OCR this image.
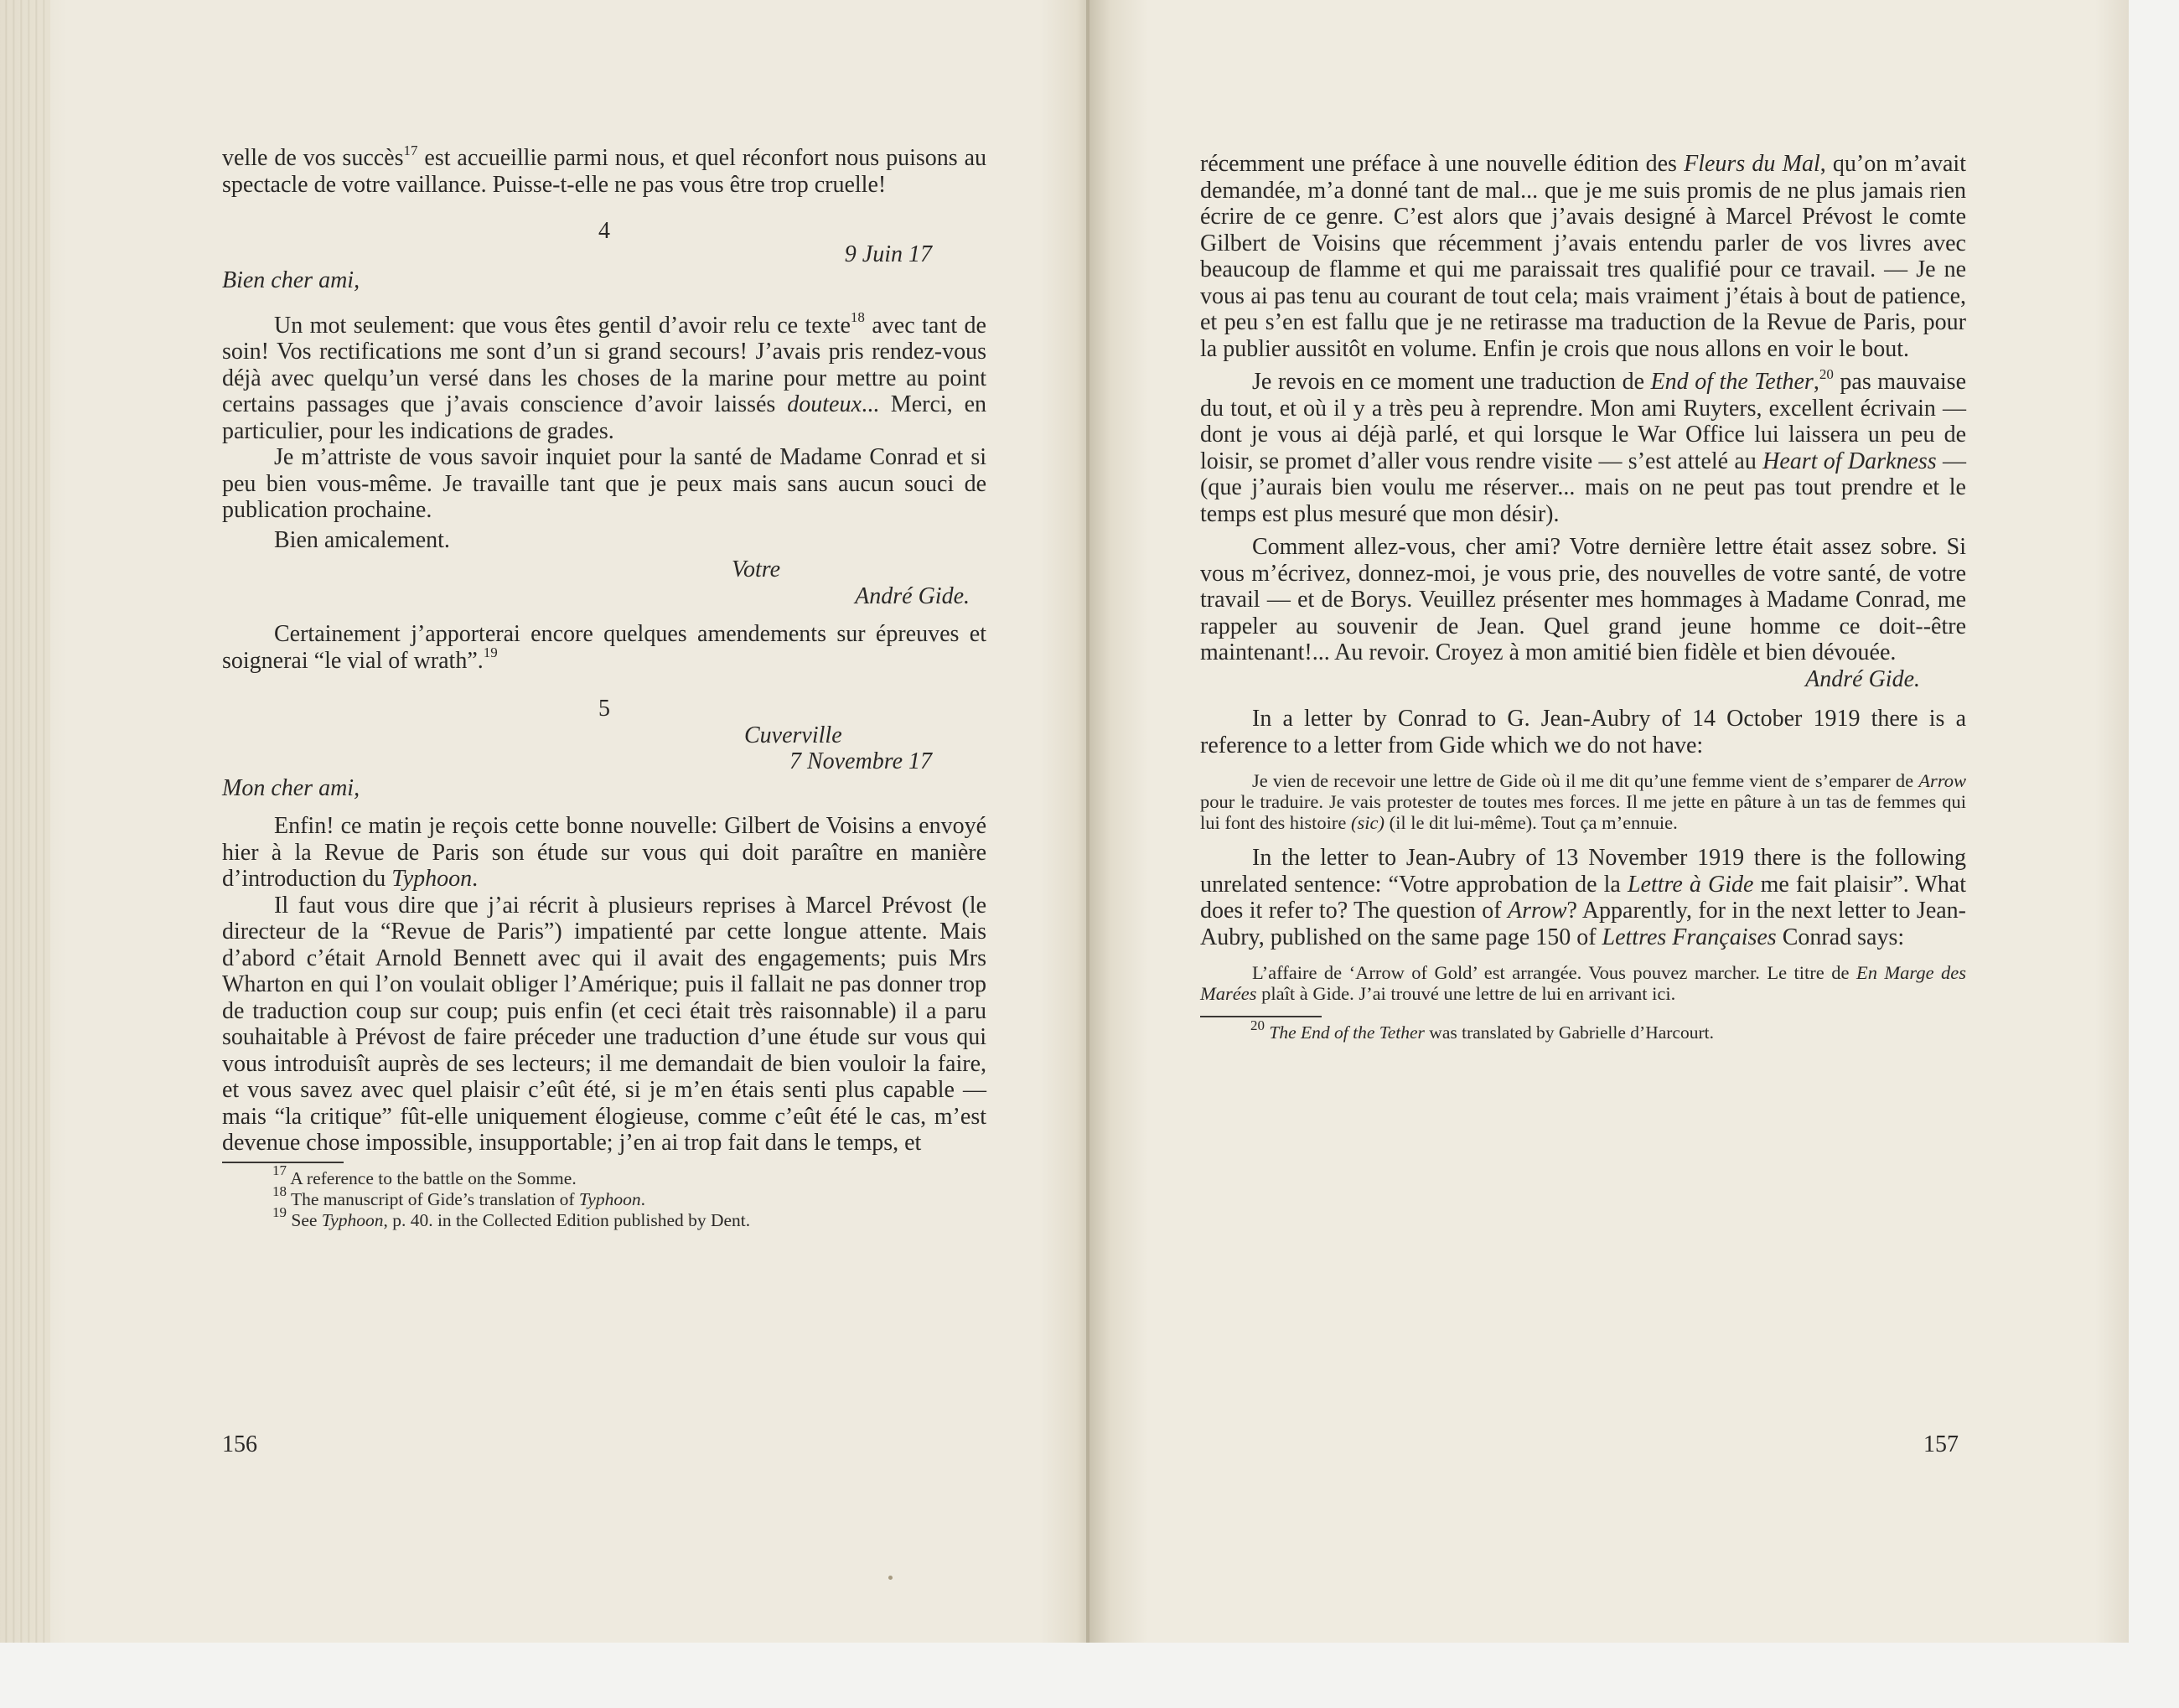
velle de vos succès$^{17}$ est accueillie parmi nous, et quel réconfort nous puisons au spectacle de votre vaillance. Puisse-t-elle ne pas vous être trop cruelle!

4

9 Juin 17

Bien cher ami,

Un mot seulement: que vous êtes gentil d’avoir relu ce texte$^{18}$ avec tant de soin! Vos rectifications me sont d’un si grand secours! J’avais pris rendez-vous déjà avec quelqu’un versé dans les choses de la marine pour mettre au point certains passages que j’avais conscience d’avoir laissés douteux... Merci, en particulier, pour les indications de grades.

Je m’attriste de vous savoir inquiet pour la santé de Madame Conrad et si peu bien vous-même. Je travaille tant que je peux mais sans aucun souci de publication prochaine.

Bien amicalement.

Votre

André Gide.

Certainement j’apporterai encore quelques amendements sur épreuves et soignerai “le vial of wrath”.$^{19}$

5

Cuverville

7 Novembre 17

Mon cher ami,

Enfin! ce matin je reçois cette bonne nouvelle: Gilbert de Voisins a envoyé hier à la Revue de Paris son étude sur vous qui doit paraître en manière d’introduction du Typhoon.

Il faut vous dire que j’ai récrit à plusieurs reprises à Marcel Prévost (le directeur de la “Revue de Paris”) impatienté par cette longue attente. Mais d’abord c’était Arnold Bennett avec qui il avait des engagements; puis Mrs Wharton en qui l’on voulait obliger l’Amérique; puis il fallait ne pas donner trop de traduction coup sur coup; puis enfin (et ceci était très raisonnable) il a paru souhaitable à Prévost de faire préceder une traduction d’une étude sur vous qui vous introduisît auprès de ses lecteurs; il me demandait de bien vouloir la faire, et vous savez avec quel plaisir c’eût été, si je m’en étais senti plus capable — mais “la critique” fût-elle uniquement élogieuse, comme c’eût été le cas, m’est devenue chose impossible, insupportable; j’en ai trop fait dans le temps, et

$^{17}$ A reference to the battle on the Somme.

$^{18}$ The manuscript of Gide’s translation of Typhoon.

$^{19}$ See Typhoon, p. 40. in the Collected Edition published by Dent.

156

récemment une préface à une nouvelle édition des Fleurs du Mal, qu’on m’avait demandée, m’a donné tant de mal... que je me suis promis de ne plus jamais rien écrire de ce genre. C’est alors que j’avais designé à Marcel Prévost le comte Gilbert de Voisins que récemment j’avais entendu parler de vos livres avec beaucoup de flamme et qui me paraissait tres qualifié pour ce travail. — Je ne vous ai pas tenu au courant de tout cela; mais vraiment j’étais à bout de patience, et peu s’en est fallu que je ne retirasse ma traduction de la Revue de Paris, pour la publier aussitôt en volume. Enfin je crois que nous allons en voir le bout.

Je revois en ce moment une traduction de End of the Tether,$^{20}$ pas mauvaise du tout, et où il y a très peu à reprendre. Mon ami Ruyters, excellent écrivain — dont je vous ai déjà parlé, et qui lorsque le War Office lui laissera un peu de loisir, se promet d’aller vous rendre visite — s’est attelé au Heart of Darkness — (que j’aurais bien voulu me réserver... mais on ne peut pas tout prendre et le temps est plus mesuré que mon désir).

Comment allez-vous, cher ami? Votre dernière lettre était assez sobre. Si vous m’écrivez, donnez-moi, je vous prie, des nouvelles de votre santé, de votre travail — et de Borys. Veuillez présenter mes hommages à Madame Conrad, me rappeler au souvenir de Jean. Quel grand jeune homme ce doit--être maintenant!... Au revoir. Croyez à mon amitié bien fidèle et bien dévouée.

André Gide.

In a letter by Conrad to G. Jean-Aubry of 14 October 1919 there is a reference to a letter from Gide which we do not have:

Je vien de recevoir une lettre de Gide où il me dit qu’une femme vient de s’emparer de Arrow pour le traduire. Je vais protester de toutes mes forces. Il me jette en pâture à un tas de femmes qui lui font des histoire (sic) (il le dit lui-même). Tout ça m’ennuie.

In the letter to Jean-Aubry of 13 November 1919 there is the following unrelated sentence: “Votre approbation de la Lettre à Gide me fait plaisir”. What does it refer to? The question of Arrow? Apparently, for in the next letter to Jean-Aubry, published on the same page 150 of Lettres Françaises Conrad says:

L’affaire de ‘Arrow of Gold’ est arrangée. Vous pouvez marcher. Le titre de En Marge des Marées plaît à Gide. J’ai trouvé une lettre de lui en arrivant ici.

$^{20}$ The End of the Tether was translated by Gabrielle d’Harcourt.

157
